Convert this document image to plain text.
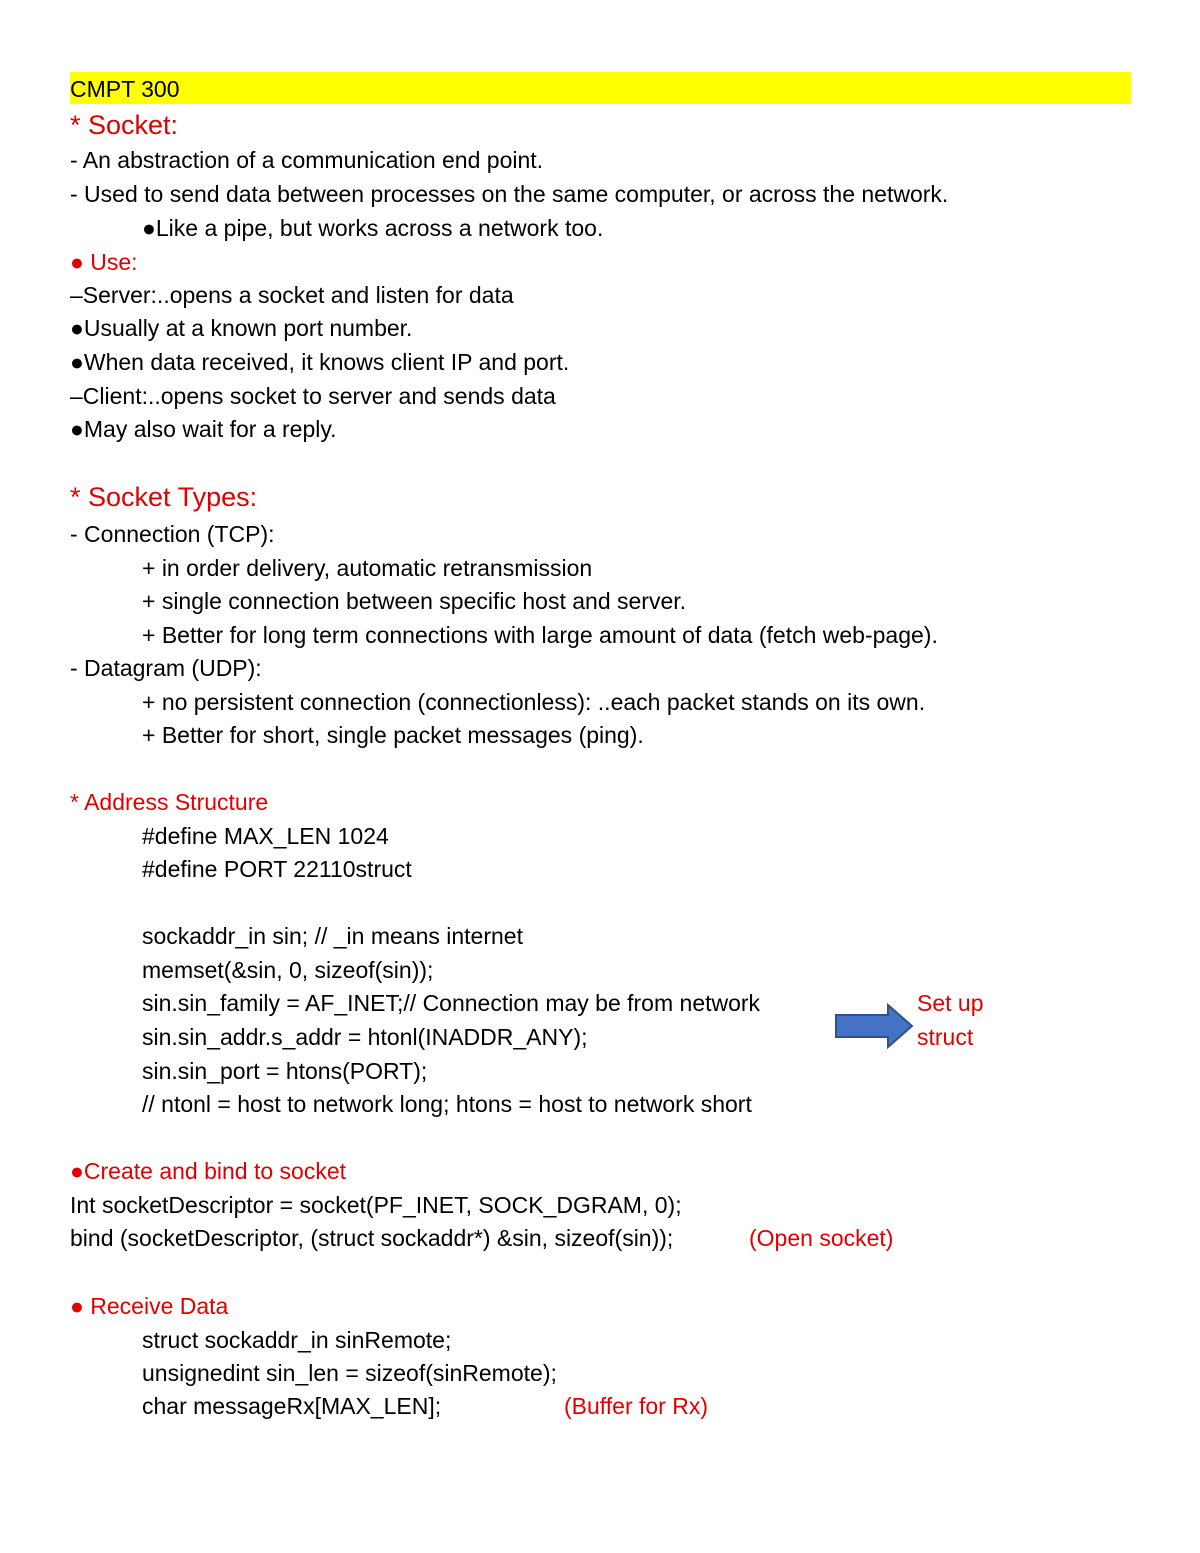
CMPT 300
* Socket:
- An abstraction of a communication end point.
- Used to send data between processes on the same computer, or across the network.
●Like a pipe, but works across a network too.
● Use:
–Server:..opens a socket and listen for data
●Usually at a known port number.
●When data received, it knows client IP and port.
–Client:..opens socket to server and sends data
●May also wait for a reply.
* Socket Types:
- Connection (TCP):
+ in order delivery, automatic retransmission
+ single connection between specific host and server.
+ Better for long term connections with large amount of data (fetch web-page).
- Datagram (UDP):
+ no persistent connection (connectionless): ..each packet stands on its own.
+ Better for short, single packet messages (ping).
* Address Structure
#define MAX_LEN 1024
#define PORT 22110struct
sockaddr_in sin; // _in means internet
memset(&sin, 0, sizeof(sin));
sin.sin_family = AF_INET;// Connection may be from network
sin.sin_addr.s_addr = htonl(INADDR_ANY);
sin.sin_port = htons(PORT);
// ntonl = host to network long; htons = host to network short
Set up
struct
●Create and bind to socket
Int socketDescriptor = socket(PF_INET, SOCK_DGRAM, 0);
bind (socketDescriptor, (struct sockaddr*) &sin, sizeof(sin));	(Open socket)
● Receive Data
struct sockaddr_in sinRemote;
unsignedint sin_len = sizeof(sinRemote);
char messageRx[MAX_LEN];	(Buffer for Rx)
